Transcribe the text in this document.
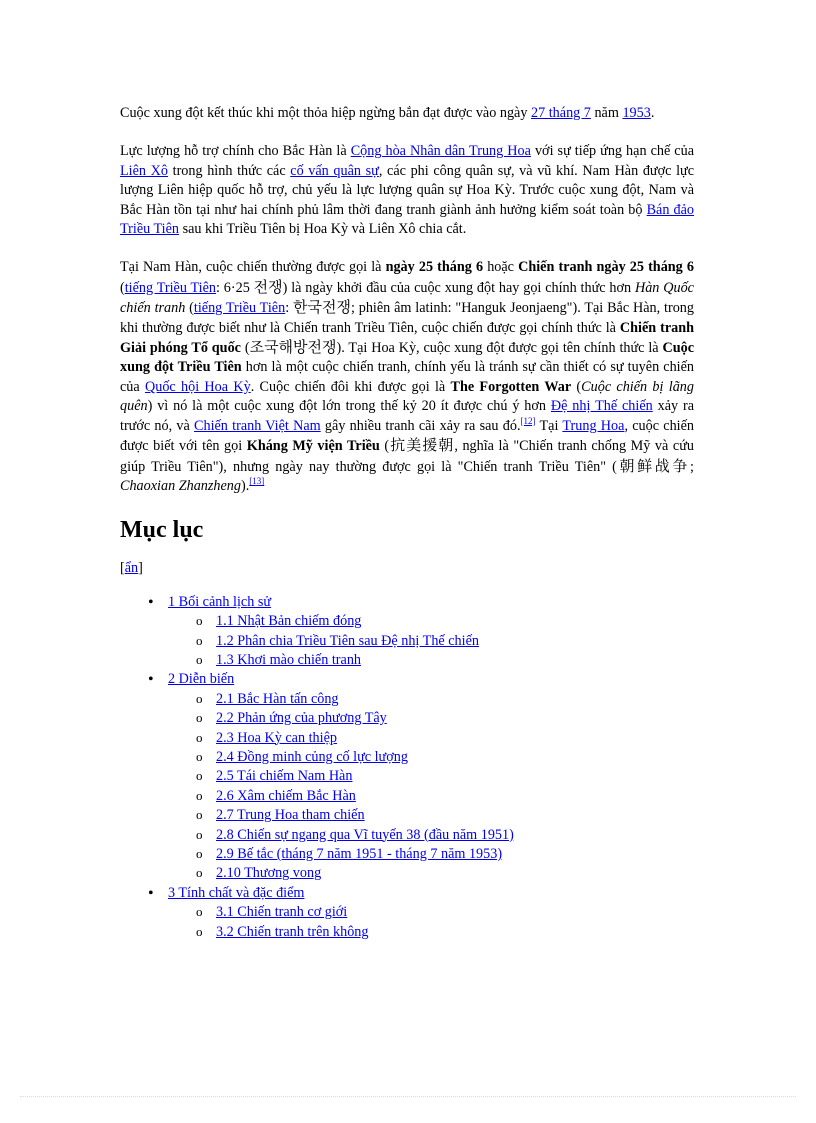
Cuộc xung đột kết thúc khi một thỏa hiệp ngừng bắn đạt được vào ngày 27 tháng 7 năm 1953.

Lực lượng hỗ trợ chính cho Bắc Hàn là Cộng hòa Nhân dân Trung Hoa với sự tiếp ứng hạn chế của Liên Xô trong hình thức các cố vấn quân sự, các phi công quân sự, và vũ khí. Nam Hàn được lực lượng Liên hiệp quốc hỗ trợ, chủ yếu là lực lượng quân sự Hoa Kỳ. Trước cuộc xung đột, Nam và Bắc Hàn tồn tại như hai chính phủ lâm thời đang tranh giành ảnh hưởng kiểm soát toàn bộ Bán đảo Triều Tiên sau khi Triều Tiên bị Hoa Kỳ và Liên Xô chia cắt.

Tại Nam Hàn, cuộc chiến thường được gọi là ngày 25 tháng 6 hoặc Chiến tranh ngày 25 tháng 6 (tiếng Triều Tiên: 6·25 전쟁) là ngày khởi đầu của cuộc xung đột hay gọi chính thức hơn Hàn Quốc chiến tranh (tiếng Triều Tiên: 한국전쟁; phiên âm latinh: "Hanguk Jeonjaeng"). Tại Bắc Hàn, trong khi thường được biết như là Chiến tranh Triều Tiên, cuộc chiến được gọi chính thức là Chiến tranh Giải phóng Tổ quốc (조국해방전쟁). Tại Hoa Kỳ, cuộc xung đột được gọi tên chính thức là Cuộc xung đột Triều Tiên hơn là một cuộc chiến tranh, chính yếu là tránh sự cần thiết có sự tuyên chiến của Quốc hội Hoa Kỳ. Cuộc chiến đôi khi được gọi là The Forgotten War (Cuộc chiến bị lãng quên) vì nó là một cuộc xung đột lớn trong thế kỷ 20 ít được chú ý hơn Đệ nhị Thế chiến xảy ra trước nó, và Chiến tranh Việt Nam gây nhiều tranh cãi xảy ra sau đó.[12] Tại Trung Hoa, cuộc chiến được biết với tên gọi Kháng Mỹ viện Triều (抗美援朝, nghĩa là "Chiến tranh chống Mỹ và cứu giúp Triều Tiên"), nhưng ngày nay thường được gọi là "Chiến tranh Triều Tiên" (朝鲜战争; Chaoxian Zhanzheng).[13]

Mục lục
[ẩn]
• 1 Bối cảnh lịch sử
o 1.1 Nhật Bản chiếm đóng
o 1.2 Phân chia Triều Tiên sau Đệ nhị Thế chiến
o 1.3 Khơi mào chiến tranh
• 2 Diễn biến
o 2.1 Bắc Hàn tấn công
o 2.2 Phản ứng của phương Tây
o 2.3 Hoa Kỳ can thiệp
o 2.4 Đồng minh củng cố lực lượng
o 2.5 Tái chiếm Nam Hàn
o 2.6 Xâm chiếm Bắc Hàn
o 2.7 Trung Hoa tham chiến
o 2.8 Chiến sự ngang qua Vĩ tuyến 38 (đầu năm 1951)
o 2.9 Bế tắc (tháng 7 năm 1951 - tháng 7 năm 1953)
o 2.10 Thương vong
• 3 Tính chất và đặc điểm
o 3.1 Chiến tranh cơ giới
o 3.2 Chiến tranh trên không
